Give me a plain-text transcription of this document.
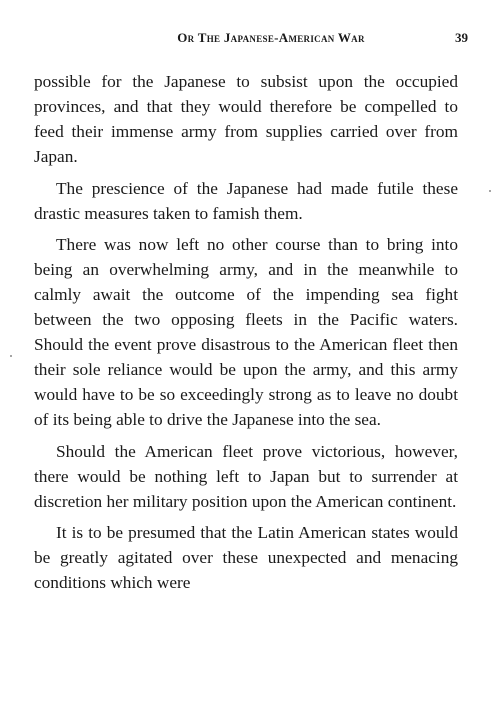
Or The Japanese-American War	39

possible for the Japanese to subsist upon the occupied provinces, and that they would therefore be compelled to feed their immense army from supplies carried over from Japan.

The prescience of the Japanese had made futile these drastic measures taken to famish them.

There was now left no other course than to bring into being an overwhelming army, and in the meanwhile to calmly await the outcome of the impending sea fight between the two opposing fleets in the Pacific waters. Should the event prove disastrous to the American fleet then their sole reliance would be upon the army, and this army would have to be so exceedingly strong as to leave no doubt of its being able to drive the Japanese into the sea.

Should the American fleet prove victorious, however, there would be nothing left to Japan but to surrender at discretion her military position upon the American continent.

It is to be presumed that the Latin American states would be greatly agitated over these unexpected and menacing conditions which were
